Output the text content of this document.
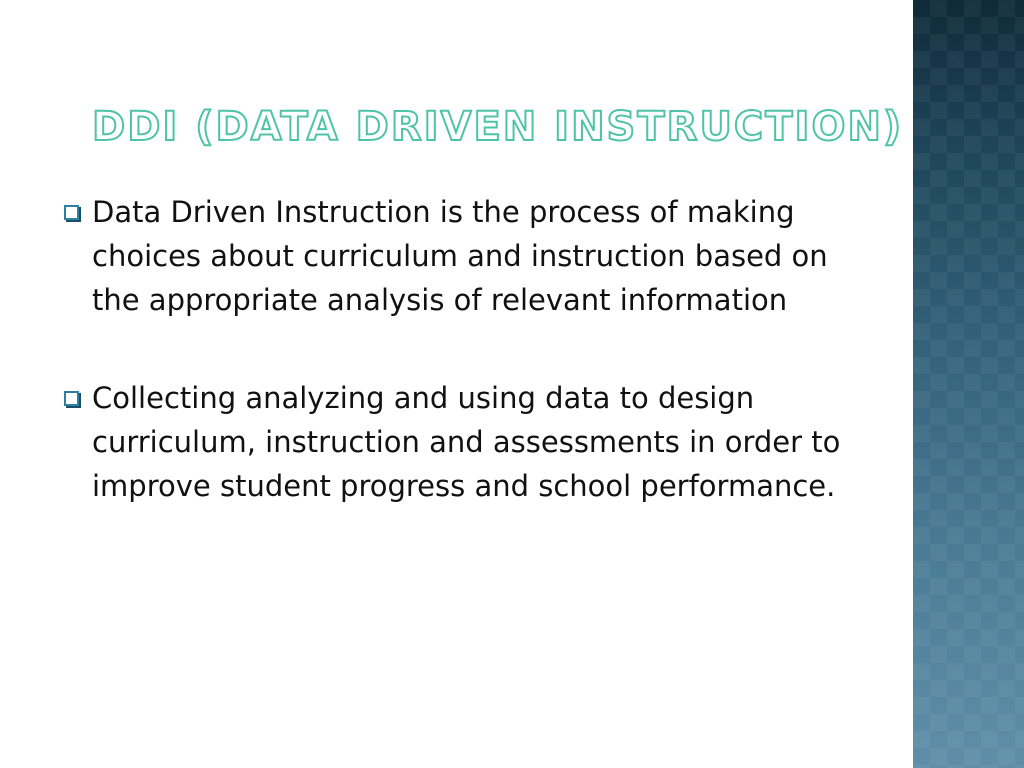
DDI (DATA DRIVEN INSTRUCTION)
Data Driven Instruction is the process of making choices about curriculum and instruction based on the appropriate analysis of relevant information
Collecting analyzing and using data to design curriculum, instruction and assessments in order to improve student progress and school performance.
